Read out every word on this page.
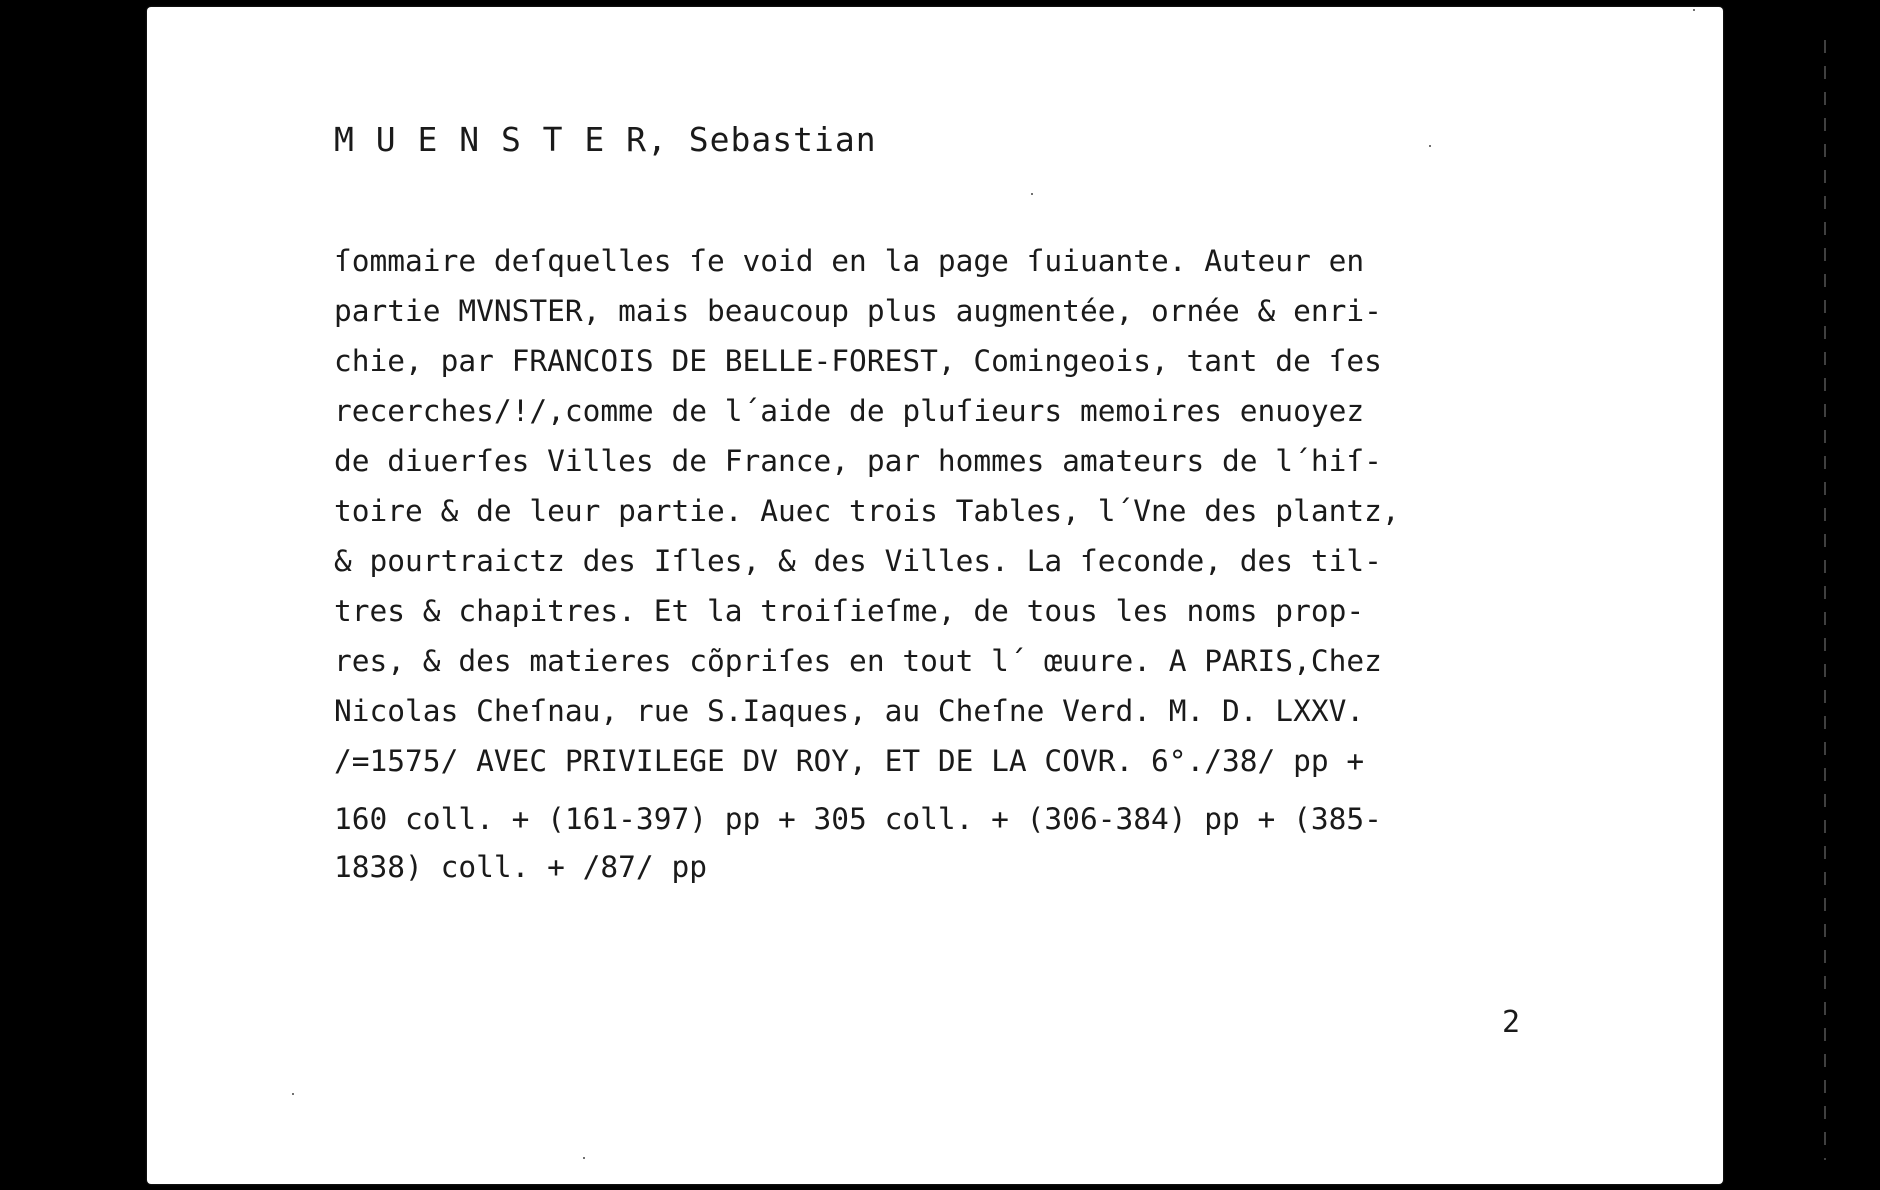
M U E N S T E R, Sebastian
ſommaire deſquelles ſe void en la page ſuiuante. Auteur en
partie MVNSTER, mais beaucoup plus augmentée, ornée & enri-
chie, par FRANCOIS DE BELLE-FOREST, Comingeois, tant de ſes
recerches/!/,comme de l´aide de pluſieurs memoires enuoyez
de diuerſes Villes de France, par hommes amateurs de l´hiſ-
toire & de leur partie. Auec trois Tables, l´Vne des plantz,
& pourtraictz des Iſles, & des Villes. La ſeconde, des til-
tres & chapitres. Et la troiſieſme, de tous les noms prop-
res, & des matieres cõpriſes en tout l´ œuure. A PARIS,Chez
Nicolas Cheſnau, rue S.Iaques, au Cheſne Verd. M. D. LXXV.
/=1575/ AVEC PRIVILEGE DV ROY, ET DE LA COVR. 6°./38/ pp +
160 coll. + (161-397) pp + 305 coll. + (306-384) pp + (385-
1838) coll. + /87/ pp
2
